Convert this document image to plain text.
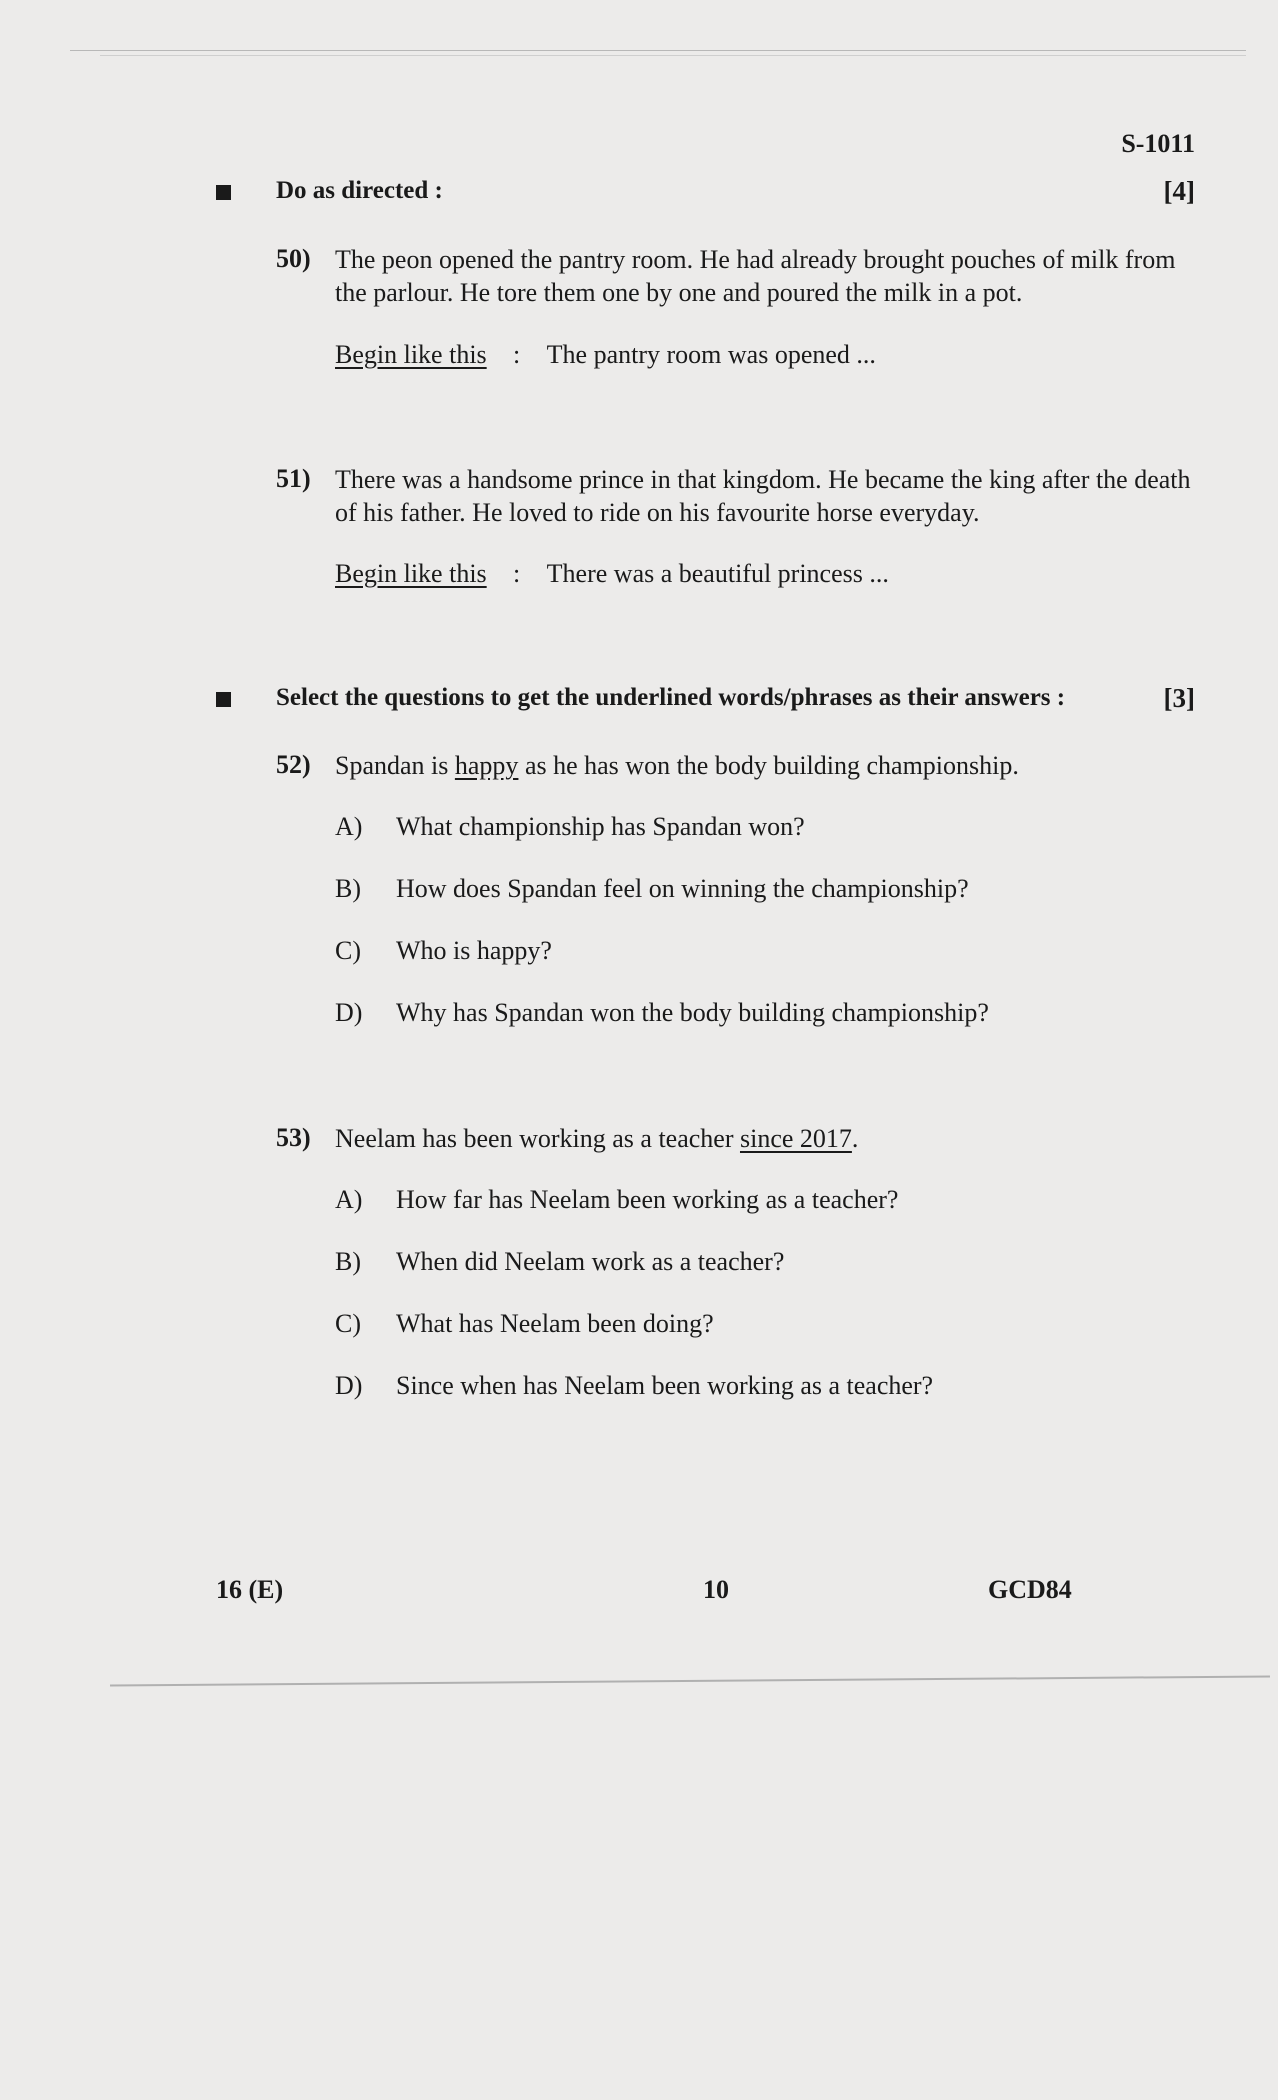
S-1011
Do as directed :	[4]
50) The peon opened the pantry room. He had already brought pouches of milk from
the parlour. He tore them one by one and poured the milk in a pot.
Begin like this : The pantry room was opened ...
51) There was a handsome prince in that kingdom. He became the king after the death
of his father. He loved to ride on his favourite horse everyday.
Begin like this : There was a beautiful princess ...
Select the questions to get the underlined words/phrases as their answers :	[3]
52) Spandan is happy as he has won the body building championship.
A) What championship has Spandan won?
B) How does Spandan feel on winning the championship?
C) Who is happy?
D) Why has Spandan won the body building championship?
53) Neelam has been working as a teacher since 2017.
A) How far has Neelam been working as a teacher?
B) When did Neelam work as a teacher?
C) What has Neelam been doing?
D) Since when has Neelam been working as a teacher?
16 (E)	10	GCD84
